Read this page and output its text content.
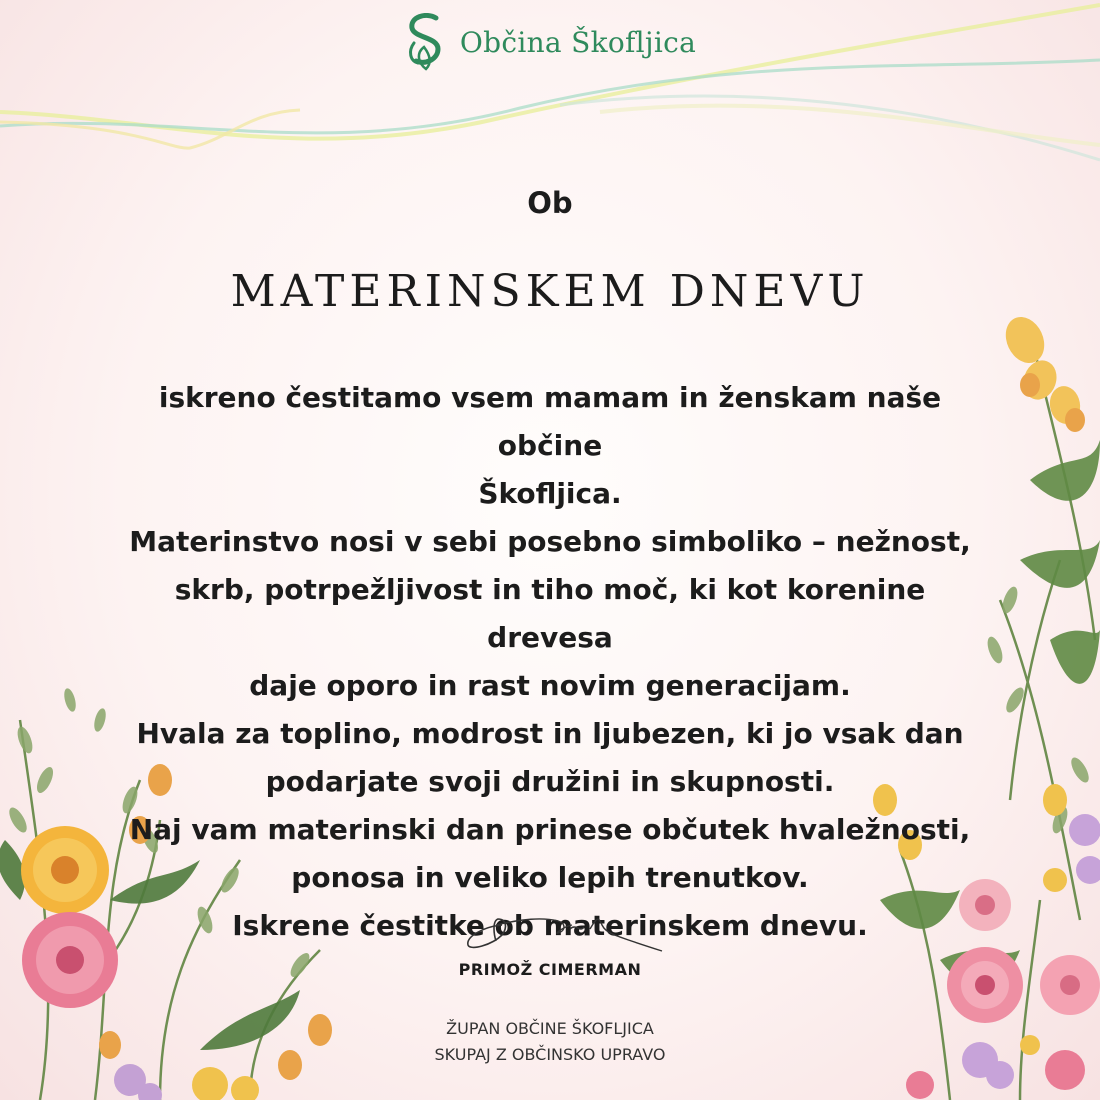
Občina Škofljica
Ob
MATERINSKEM DNEVU
iskreno čestitamo vsem mamam in ženskam naše občine
Škofljica.
Materinstvo nosi v sebi posebno simboliko – nežnost,
skrb, potrpežljivost in tiho moč, ki kot korenine drevesa
daje oporo in rast novim generacijam.
Hvala za toplino, modrost in ljubezen, ki jo vsak dan
podarjate svoji družini in skupnosti.
Naj vam materinski dan prinese občutek hvaležnosti,
ponosa in veliko lepih trenutkov.
Iskrene čestitke ob materinskem dnevu.
PRIMOŽ CIMERMAN
ŽUPAN OBČINE ŠKOFLJICA
SKUPAJ Z OBČINSKO UPRAVO
